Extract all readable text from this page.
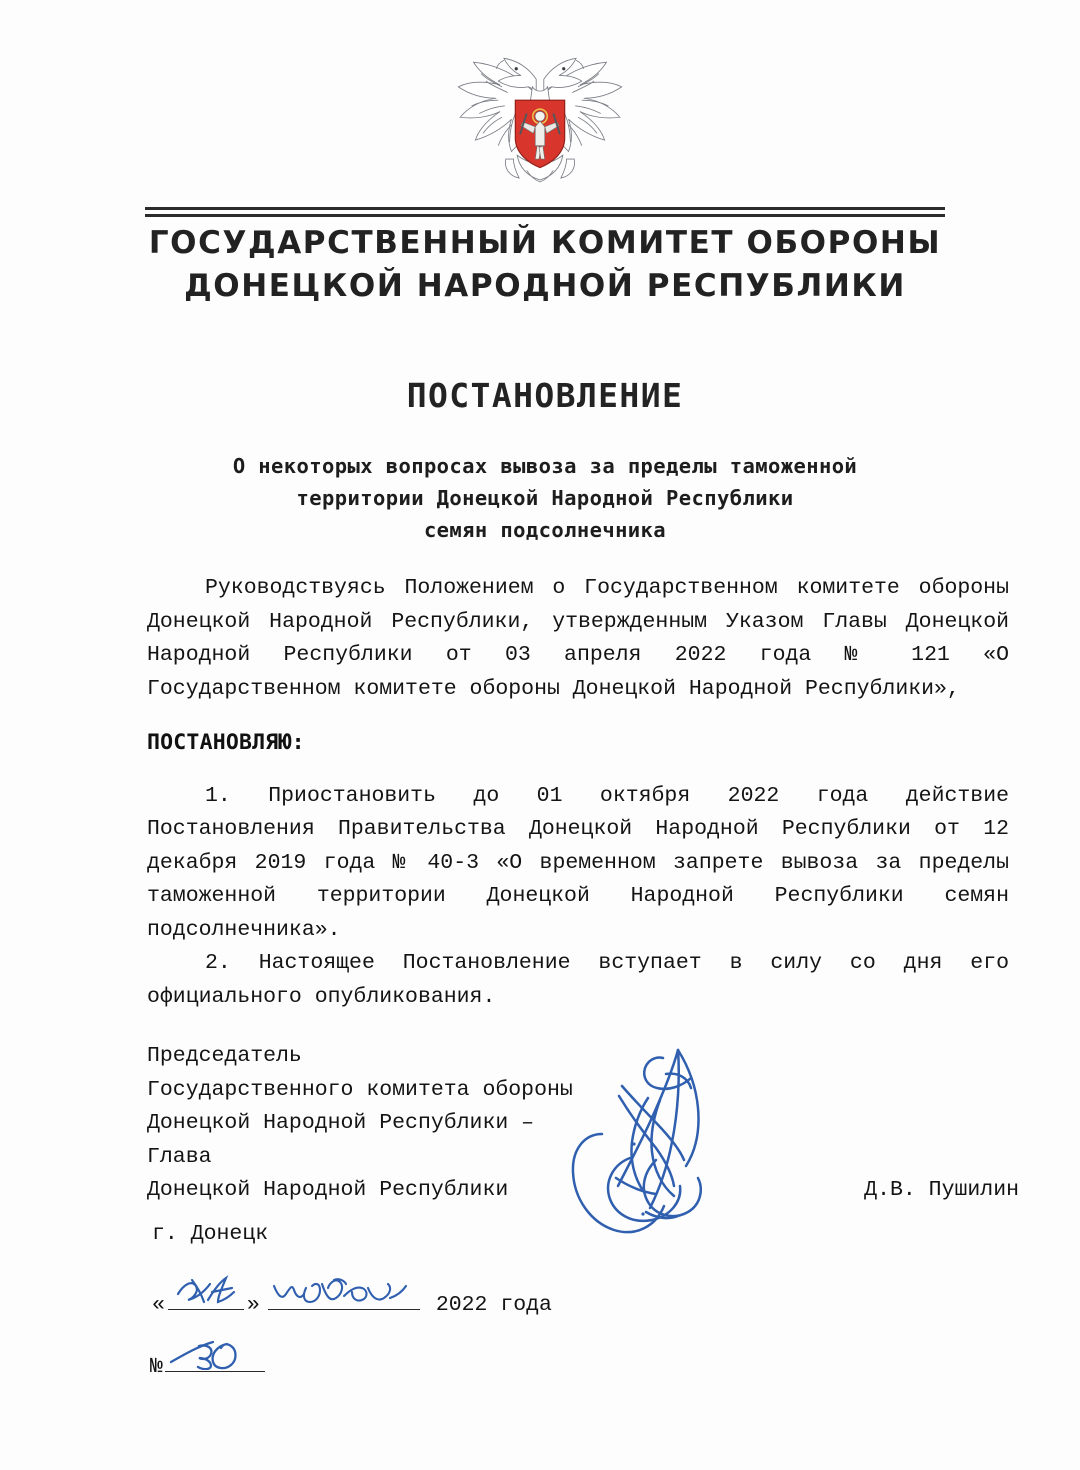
ГОСУДАРСТВЕННЫЙ КОМИТЕТ ОБОРОНЫ
ДОНЕЦКОЙ НАРОДНОЙ РЕСПУБЛИКИ
ПОСТАНОВЛЕНИЕ
О некоторых вопросах вывоза за пределы таможенной
территории Донецкой Народной Республики
семян подсолнечника

Руководствуясь Положением о Государственном комитете обороны Донецкой Народной Республики, утвержденным Указом Главы Донецкой Народной Республики от 03 апреля 2022 года № 121 «О Государственном комитете обороны Донецкой Народной Республики»,

ПОСТАНОВЛЯЮ:

1. Приостановить до 01 октября 2022 года действие Постановления Правительства Донецкой Народной Республики от 12 декабря 2019 года № 40-3 «О временном запрете вывоза за пределы таможенной территории Донецкой Народной Республики семян подсолнечника».

2. Настоящее Постановление вступает в силу со дня его официального опубликования.

Председатель
Государственного комитета обороны
Донецкой Народной Республики –
Глава
Донецкой Народной Республики	Д.В. Пушилин
г. Донецк
«	»	2022 года
№
